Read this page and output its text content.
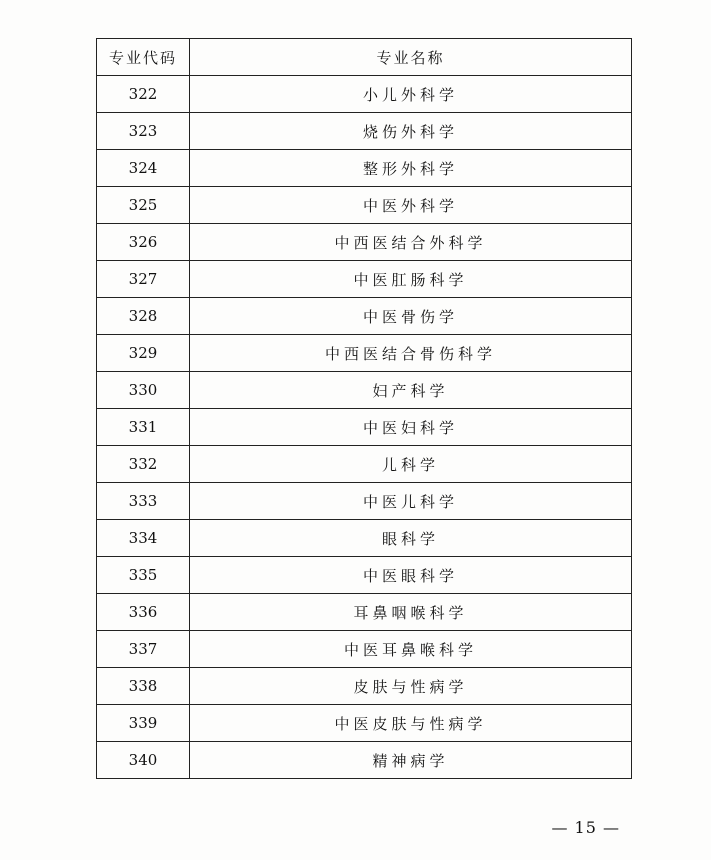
专业代码	专业名称
322	小儿外科学
323	烧伤外科学
324	整形外科学
325	中医外科学
326	中西医结合外科学
327	中医肛肠科学
328	中医骨伤学
329	中西医结合骨伤科学
330	妇产科学
331	中医妇科学
332	儿科学
333	中医儿科学
334	眼科学
335	中医眼科学
336	耳鼻咽喉科学
337	中医耳鼻喉科学
338	皮肤与性病学
339	中医皮肤与性病学
340	精神病学
— 15 —
